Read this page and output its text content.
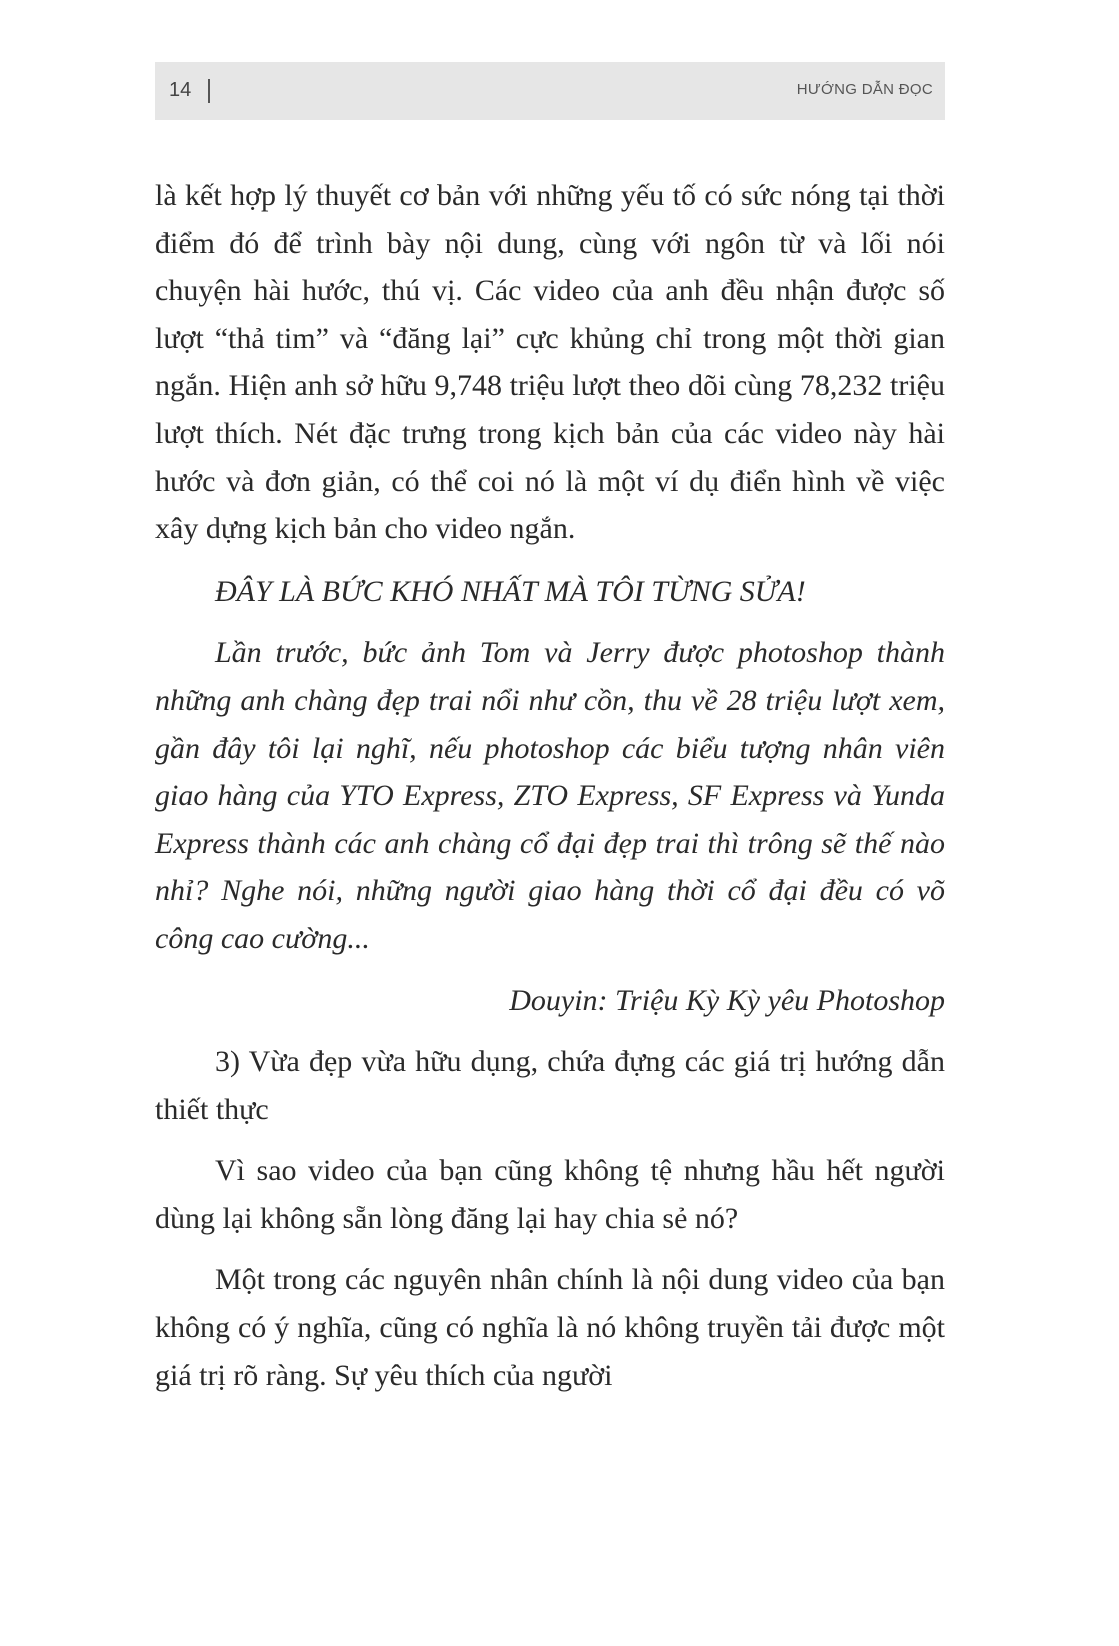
14	HƯỚNG DẪN ĐỌC

là kết hợp lý thuyết cơ bản với những yếu tố có sức nóng tại thời điểm đó để trình bày nội dung, cùng với ngôn từ và lối nói chuyện hài hước, thú vị. Các video của anh đều nhận được số lượt “thả tim” và “đăng lại” cực khủng chỉ trong một thời gian ngắn. Hiện anh sở hữu 9,748 triệu lượt theo dõi cùng 78,232 triệu lượt thích. Nét đặc trưng trong kịch bản của các video này hài hước và đơn giản, có thể coi nó là một ví dụ điển hình về việc xây dựng kịch bản cho video ngắn.

ĐÂY LÀ BỨC KHÓ NHẤT MÀ TÔI TỪNG SỬA!

Lần trước, bức ảnh Tom và Jerry được photoshop thành những anh chàng đẹp trai nổi như cồn, thu về 28 triệu lượt xem, gần đây tôi lại nghĩ, nếu photoshop các biểu tượng nhân viên giao hàng của YTO Express, ZTO Express, SF Express và Yunda Express thành các anh chàng cổ đại đẹp trai thì trông sẽ thế nào nhỉ? Nghe nói, những người giao hàng thời cổ đại đều có võ công cao cường...

Douyin: Triệu Kỳ Kỳ yêu Photoshop

3) Vừa đẹp vừa hữu dụng, chứa đựng các giá trị hướng dẫn thiết thực

Vì sao video của bạn cũng không tệ nhưng hầu hết người dùng lại không sẵn lòng đăng lại hay chia sẻ nó?

Một trong các nguyên nhân chính là nội dung video của bạn không có ý nghĩa, cũng có nghĩa là nó không truyền tải được một giá trị rõ ràng. Sự yêu thích của người
